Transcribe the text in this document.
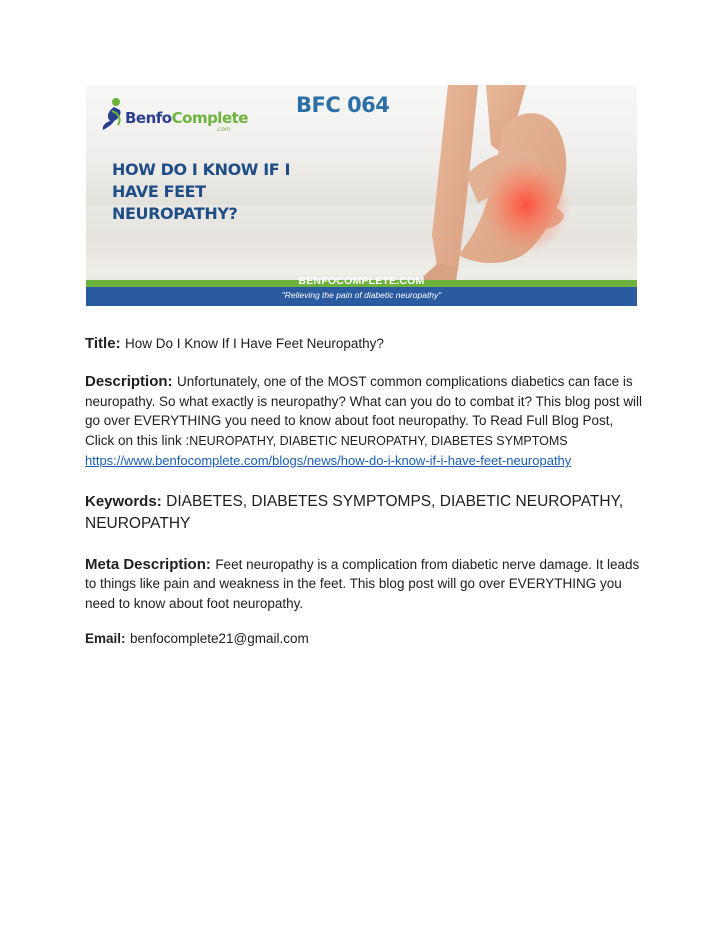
BenfoComplete
.com
BFC 064
HOW DO I KNOW IF I HAVE FEET NEUROPATHY?
BENFOCOMPLETE.COM
"Relieving the pain of diabetic neuropathy"

Title: How Do I Know If I Have Feet Neuropathy?

Description: Unfortunately, one of the MOST common complications diabetics can face is neuropathy. So what exactly is neuropathy? What can you do to combat it? This blog post will go over EVERYTHING you need to know about foot neuropathy. To Read Full Blog Post, Click on this link :NEUROPATHY, DIABETIC NEUROPATHY, DIABETES SYMPTOMS
https://www.benfocomplete.com/blogs/news/how-do-i-know-if-i-have-feet-neuropathy

Keywords: DIABETES, DIABETES SYMPTOMPS, DIABETIC NEUROPATHY, NEUROPATHY

Meta Description: Feet neuropathy is a complication from diabetic nerve damage. It leads to things like pain and weakness in the feet. This blog post will go over EVERYTHING you need to know about foot neuropathy.

Email: benfocomplete21@gmail.com
